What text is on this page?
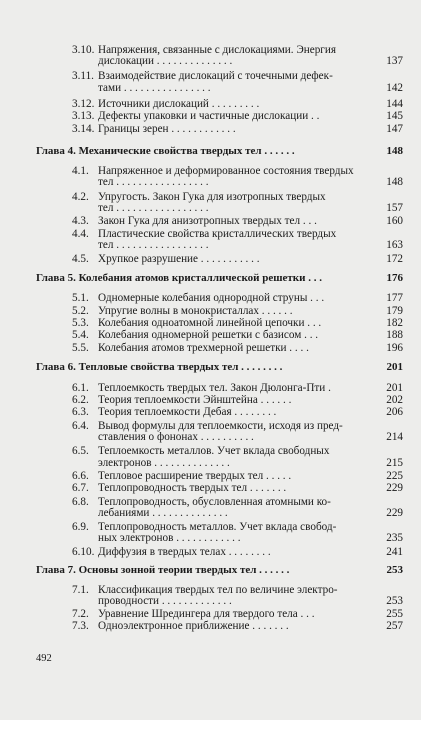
3.10. Напряжения, связанные с дислокациями. Энергия
дислокации . . . . . . . . . . . . . .	137
3.11. Взаимодействие дислокаций с точечными дефек-
тами . . . . . . . . . . . . . . . .	142
3.12. Источники дислокаций . . . . . . . . .	144
3.13. Дефекты упаковки и частичные дислокации . .	145
3.14. Границы зерен . . . . . . . . . . . .	147
Глава 4. Механические свойства твердых тел . . . . . .	148
4.1. Напряженное и деформированное состояния твердых
тел . . . . . . . . . . . . . . . . .	148
4.2. Упругость. Закон Гука для изотропных твердых
тел . . . . . . . . . . . . . . . . .	157
4.3. Закон Гука для анизотропных твердых тел . . .	160
4.4. Пластические свойства кристаллических твердых
тел . . . . . . . . . . . . . . . . .	163
4.5. Хрупкое разрушение . . . . . . . . . . .	172
Глава 5. Колебания атомов кристаллической решетки . . .	176
5.1. Одномерные колебания однородной струны . . .	177
5.2. Упругие волны в монокристаллах . . . . . .	179
5.3. Колебания одноатомной линейной цепочки . . .	182
5.4. Колебания одномерной решетки с базисом . . .	188
5.5. Колебания атомов трехмерной решетки . . . .	196
Глава 6. Тепловые свойства твердых тел . . . . . . . .	201
6.1. Теплоемкость твердых тел. Закон Дюлонга-Пти .	201
6.2. Теория теплоемкости Эйнштейна . . . . . .	202
6.3. Теория теплоемкости Дебая . . . . . . . .	206
6.4. Вывод формулы для теплоемкости, исходя из пред-
ставления о фононах . . . . . . . . . .	214
6.5. Теплоемкость металлов. Учет вклада свободных
электронов . . . . . . . . . . . . . .	215
6.6. Тепловое расширение твердых тел . . . . .	225
6.7. Теплопроводность твердых тел . . . . . . .	229
6.8. Теплопроводность, обусловленная атомными ко-
лебаниями . . . . . . . . . . . . . .	229
6.9. Теплопроводность металлов. Учет вклада свобод-
ных электронов . . . . . . . . . . . .	235
6.10. Диффузия в твердых телах . . . . . . . .	241
Глава 7. Основы зонной теории твердых тел . . . . . .	253
7.1. Классификация твердых тел по величине электро-
проводности . . . . . . . . . . . . .	253
7.2. Уравнение Шредингера для твердого тела . . .	255
7.3. Одноэлектронное приближение . . . . . . .	257
492
